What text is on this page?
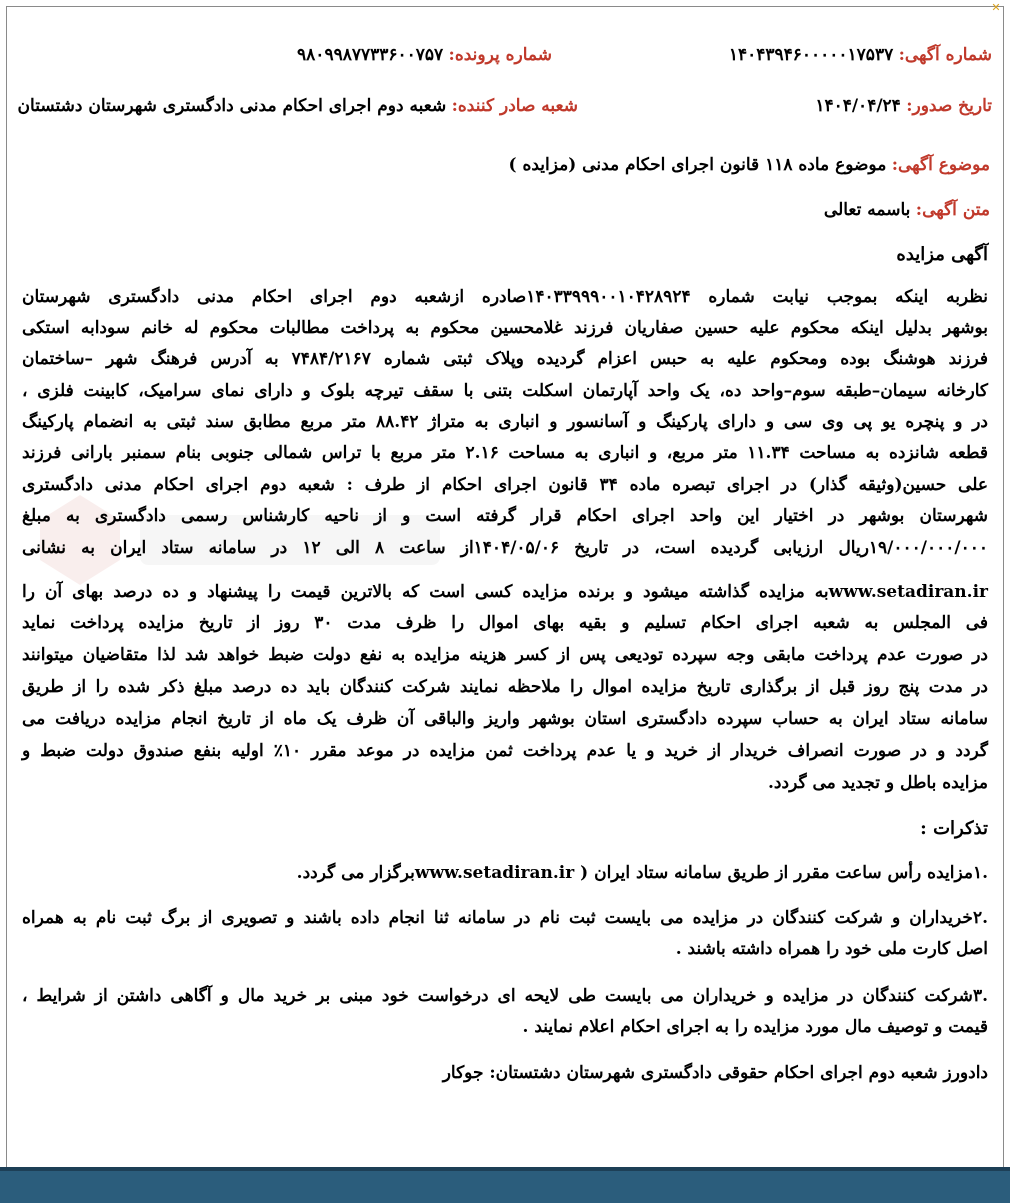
✕
شماره آگهی: ۱۴۰۴۳۹۴۶۰۰۰۰۰۱۷۵۳۷
شماره پرونده: ۹۸۰۹۹۸۷۷۳۳۶۰۰۷۵۷
تاریخ صدور: ۱۴۰۴/۰۴/۲۴
شعبه صادر کننده: شعبه دوم اجرای احکام مدنی دادگستری شهرستان دشتستان
موضوع آگهی: موضوع ماده ۱۱۸ قانون اجرای احکام مدنی (مزایده )
متن آگهی: باسمه تعالی
آگهی مزایده
نظربه اینکه بموجب نیابت شماره ۱۴۰۳۳۹۹۹۰۰۱۰۴۲۸۹۲۴صادره ازشعبه دوم اجرای احکام مدنی دادگستری شهرستان
بوشهر بدلیل اینکه محکوم علیه حسین صفاریان فرزند غلامحسین محکوم به پرداخت مطالبات محکوم له خانم سودابه استکی
فرزند هوشنگ بوده ومحکوم علیه به حبس اعزام گردیده وپلاک ثبتی شماره ۷۴۸۴/۲۱۶۷ به آدرس فرهنگ شهر –ساختمان
کارخانه سیمان–طبقه سوم–واحد ده، یک واحد آپارتمان اسکلت بتنی با سقف تیرچه بلوک و دارای نمای سرامیک، کابینت فلزی ،
در و پنچره یو پی وی سی و دارای پارکینگ و آسانسور و انباری به متراژ ۸۸.۴۲ متر مربع مطابق سند ثبتی به انضمام پارکینگ
قطعه شانزده به مساحت ۱۱.۳۴ متر مربع، و انباری به مساحت ۲.۱۶ متر مربع با تراس شمالی جنوبی بنام سمنبر بارانی فرزند
علی حسین(وثیقه گذار) در اجرای تبصره ماده ۳۴ قانون اجرای احکام از طرف : شعبه دوم اجرای احکام مدنی دادگستری
شهرستان بوشهر در اختیار این واحد اجرای احکام قرار گرفته است و از ناحیه کارشناس رسمی دادگستری به مبلغ
۱۹/۰۰۰/۰۰۰/۰۰۰ریال ارزیابی گردیده است، در تاریخ ۱۴۰۴/۰۵/۰۶از ساعت ۸ الی ۱۲ در سامانه ستاد ایران به نشانی
www.setadiran.irبه مزایده گذاشته میشود و برنده مزایده کسی است که بالاترین قیمت را پیشنهاد و ده درصد بهای آن را
فی المجلس به شعبه اجرای احکام تسلیم و بقیه بهای اموال را ظرف مدت ۳۰ روز از تاریخ مزایده پرداخت نماید
در صورت عدم پرداخت مابقی وجه سپرده تودیعی پس از کسر هزینه مزایده به نفع دولت ضبط خواهد شد لذا متقاضیان میتوانند
در مدت پنج روز قبل از برگذاری تاریخ مزایده اموال را ملاحظه نمایند شرکت کنندگان باید ده درصد مبلغ ذکر شده را از طریق
سامانه ستاد ایران به حساب سپرده دادگستری استان بوشهر واریز والباقی آن ظرف یک ماه از تاریخ انجام مزایده دریافت می
گردد و در صورت انصراف خریدار از خرید و یا عدم پرداخت ثمن مزایده در موعد مقرر ۱۰٪ اولیه بنفع صندوق دولت ضبط و
مزایده باطل و تجدید می گردد.
تذکرات :
.۱مزایده رأس ساعت مقرر از طریق سامانه ستاد ایران ( www.setadiran.irبرگزار می گردد.
.۲خریداران و شرکت کنندگان در مزایده می بایست ثبت نام در سامانه ثنا انجام داده باشند و تصویری از برگ ثبت نام به همراه
اصل کارت ملی خود را همراه داشته باشند .
.۳شرکت کنندگان در مزایده و خریداران می بایست طی لایحه ای درخواست خود مبنی بر خرید مال و آگاهی داشتن از شرایط ،
قیمت و توصیف مال مورد مزایده را به اجرای احکام اعلام نمایند .
دادورز شعبه دوم اجرای احکام حقوقی دادگستری شهرستان دشتستان: جوکار
